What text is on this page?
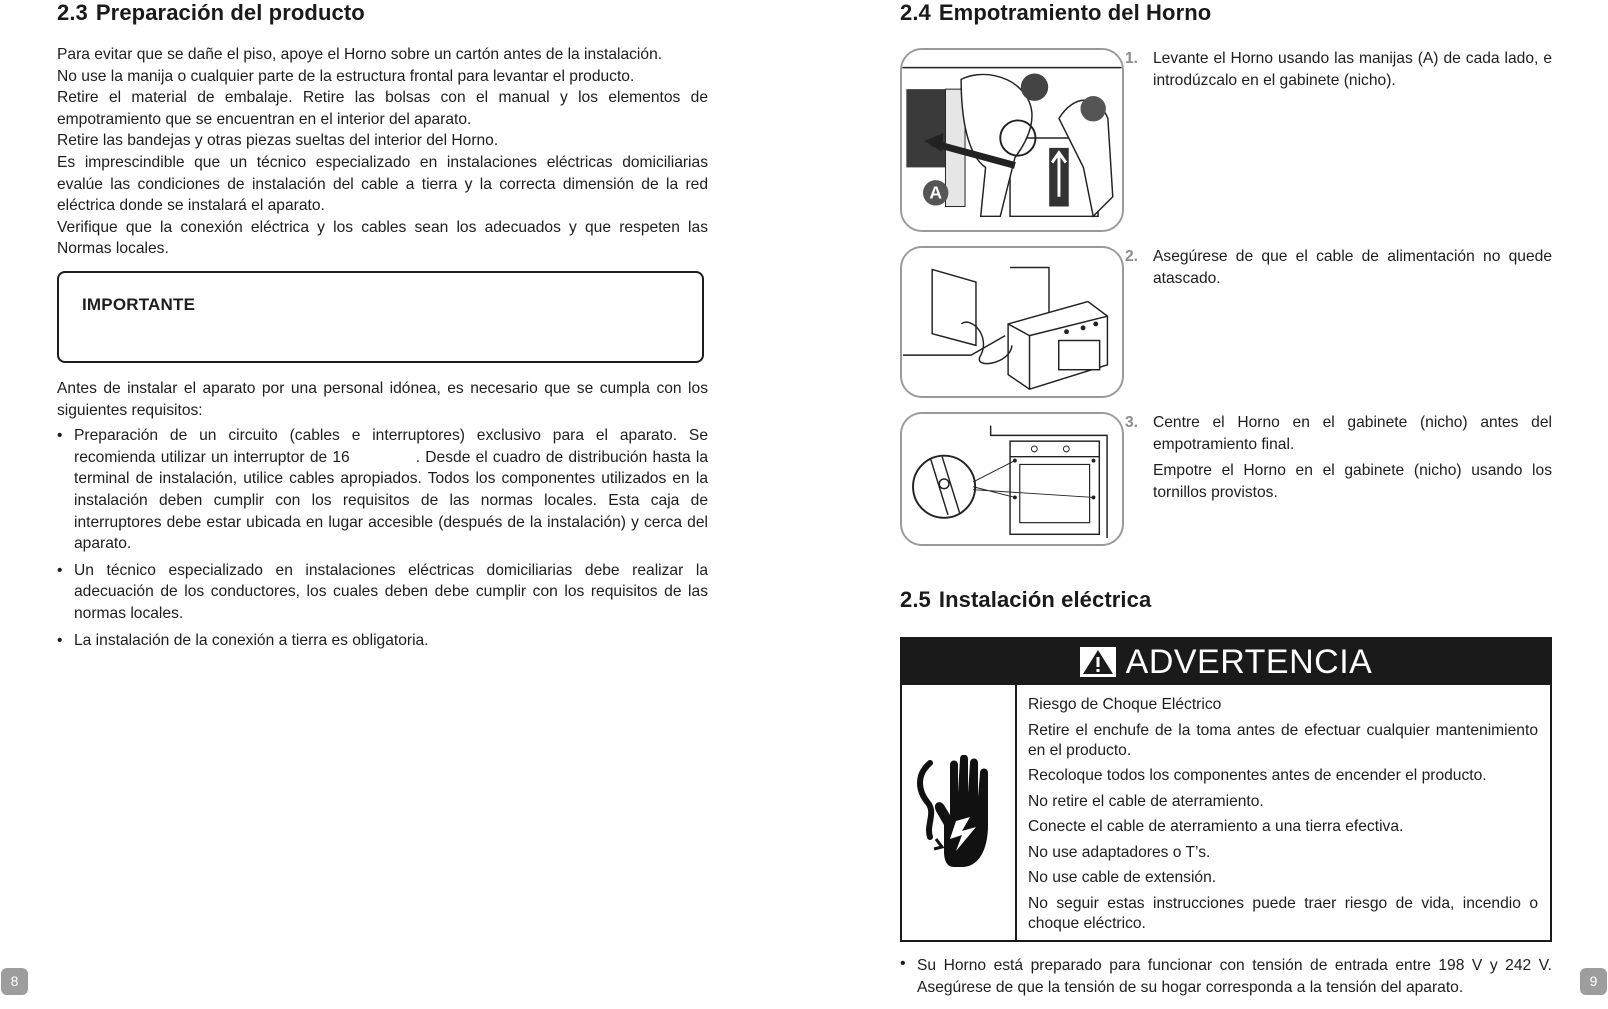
2.3 Preparación del producto

Para evitar que se dañe el piso, apoye el Horno sobre un cartón antes de la instalación.

No use la manija o cualquier parte de la estructura frontal para levantar el producto.

Retire el material de embalaje. Retire las bolsas con el manual y los elementos de empotramiento que se encuentran en el interior del aparato.

Retire las bandejas y otras piezas sueltas del interior del Horno.

Es imprescindible que un técnico especializado en instalaciones eléctricas domiciliarias evalúe las condiciones de instalación del cable a tierra y la correcta dimensión de la red eléctrica donde se instalará el aparato.

Verifique que la conexión eléctrica y los cables sean los adecuados y que respeten las Normas locales.

IMPORTANTE

Antes de instalar el aparato por una personal idónea, es necesario que se cumpla con los siguientes requisitos:

• Preparación de un circuito (cables e interruptores) exclusivo para el aparato. Se recomienda utilizar un interruptor de 16	. Desde el cuadro de distribución hasta la terminal de instalación, utilice cables apropiados. Todos los componentes utilizados en la instalación deben cumplir con los requisitos de las normas locales. Esta caja de interruptores debe estar ubicada en lugar accesible (después de la instalación) y cerca del aparato.
• Un técnico especializado en instalaciones eléctricas domiciliarias debe realizar la adecuación de los conductores, los cuales deben debe cumplir con los requisitos de las normas locales.
• La instalación de la conexión a tierra es obligatoria.
2.4 Empotramiento del Horno
A
1. Levante el Horno usando las manijas (A) de cada lado, e introdúzcalo en el gabinete (nicho).

2. Asegúrese de que el cable de alimentación no quede atascado.

3. Centre el Horno en el gabinete (nicho) antes del empotramiento final.

Empotre el Horno en el gabinete (nicho) usando los tornillos provistos.

2.5 Instalación eléctrica
ADVERTENCIA

Riesgo de Choque Eléctrico

Retire el enchufe de la toma antes de efectuar cualquier mantenimiento en el producto.

Recoloque todos los componentes antes de encender el producto.

No retire el cable de aterramiento.

Conecte el cable de aterramiento a una tierra efectiva.

No use adaptadores o T’s.

No use cable de extensión.

No seguir estas instrucciones puede traer riesgo de vida, incendio o choque eléctrico.

• Su Horno está preparado para funcionar con tensión de entrada entre 198 V y 242 V. Asegúrese de que la tensión de su hogar corresponda a la tensión del aparato.
8	9
